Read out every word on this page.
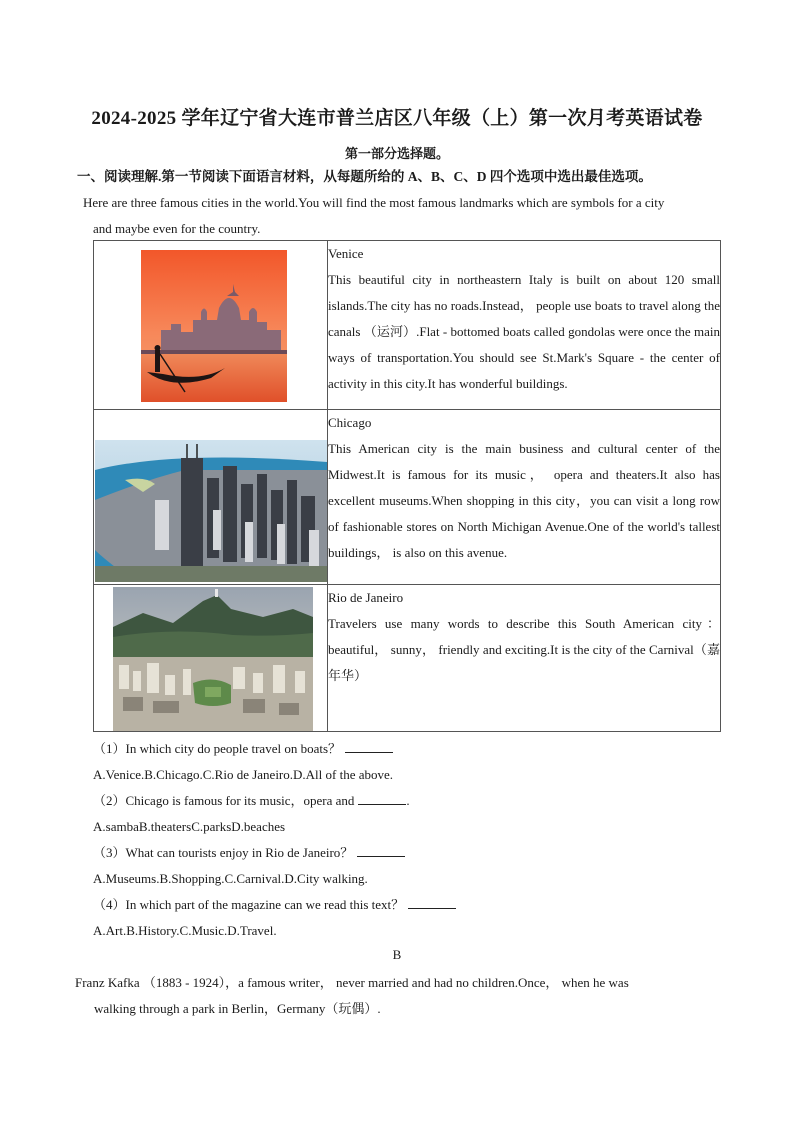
2024-2025 学年辽宁省大连市普兰店区八年级（上）第一次月考英语试卷
第一部分选择题。
一、阅读理解.第一节阅读下面语言材料，从每题所给的 A、B、C、D 四个选项中选出最佳选项。
Here are three famous cities in the world.You will find the most famous landmarks which are symbols for a city
and maybe even for the country.

Venice
This beautiful city in northeastern Italy is built on about 120 small islands.The city has no roads.Instead， people use boats to travel along the canals （运河）.Flat - bottomed boats called gondolas were once the main ways of transportation.You should see St.Mark's Square - the center of activity in this city.It has wonderful buildings.

Chicago
This American city is the main business and cultural center of the Midwest.It is famous for its music， opera and theaters.It also has excellent museums.When shopping in this city，you can visit a long row of fashionable stores on North Michigan Avenue.One of the world's tallest buildings， is also on this avenue.

Rio de Janeiro
Travelers use many words to describe this South American city： beautiful， sunny， friendly and exciting.It is the city of the Carnival（嘉年华）
（1）In which city do people travel on boats？
A.Venice.B.Chicago.C.Rio de Janeiro.D.All of the above.
（2）Chicago is famous for its music，opera and	.
A.sambaB.theatersC.parksD.beaches
（3）What can tourists enjoy in Rio de Janeiro？
A.Museums.B.Shopping.C.Carnival.D.City walking.
（4）In which part of the magazine can we read this text？
A.Art.B.History.C.Music.D.Travel.
B
Franz Kafka （1883 - 1924），a famous writer， never married and had no children.Once， when he was
walking through a park in Berlin，Germany（玩偶）.
